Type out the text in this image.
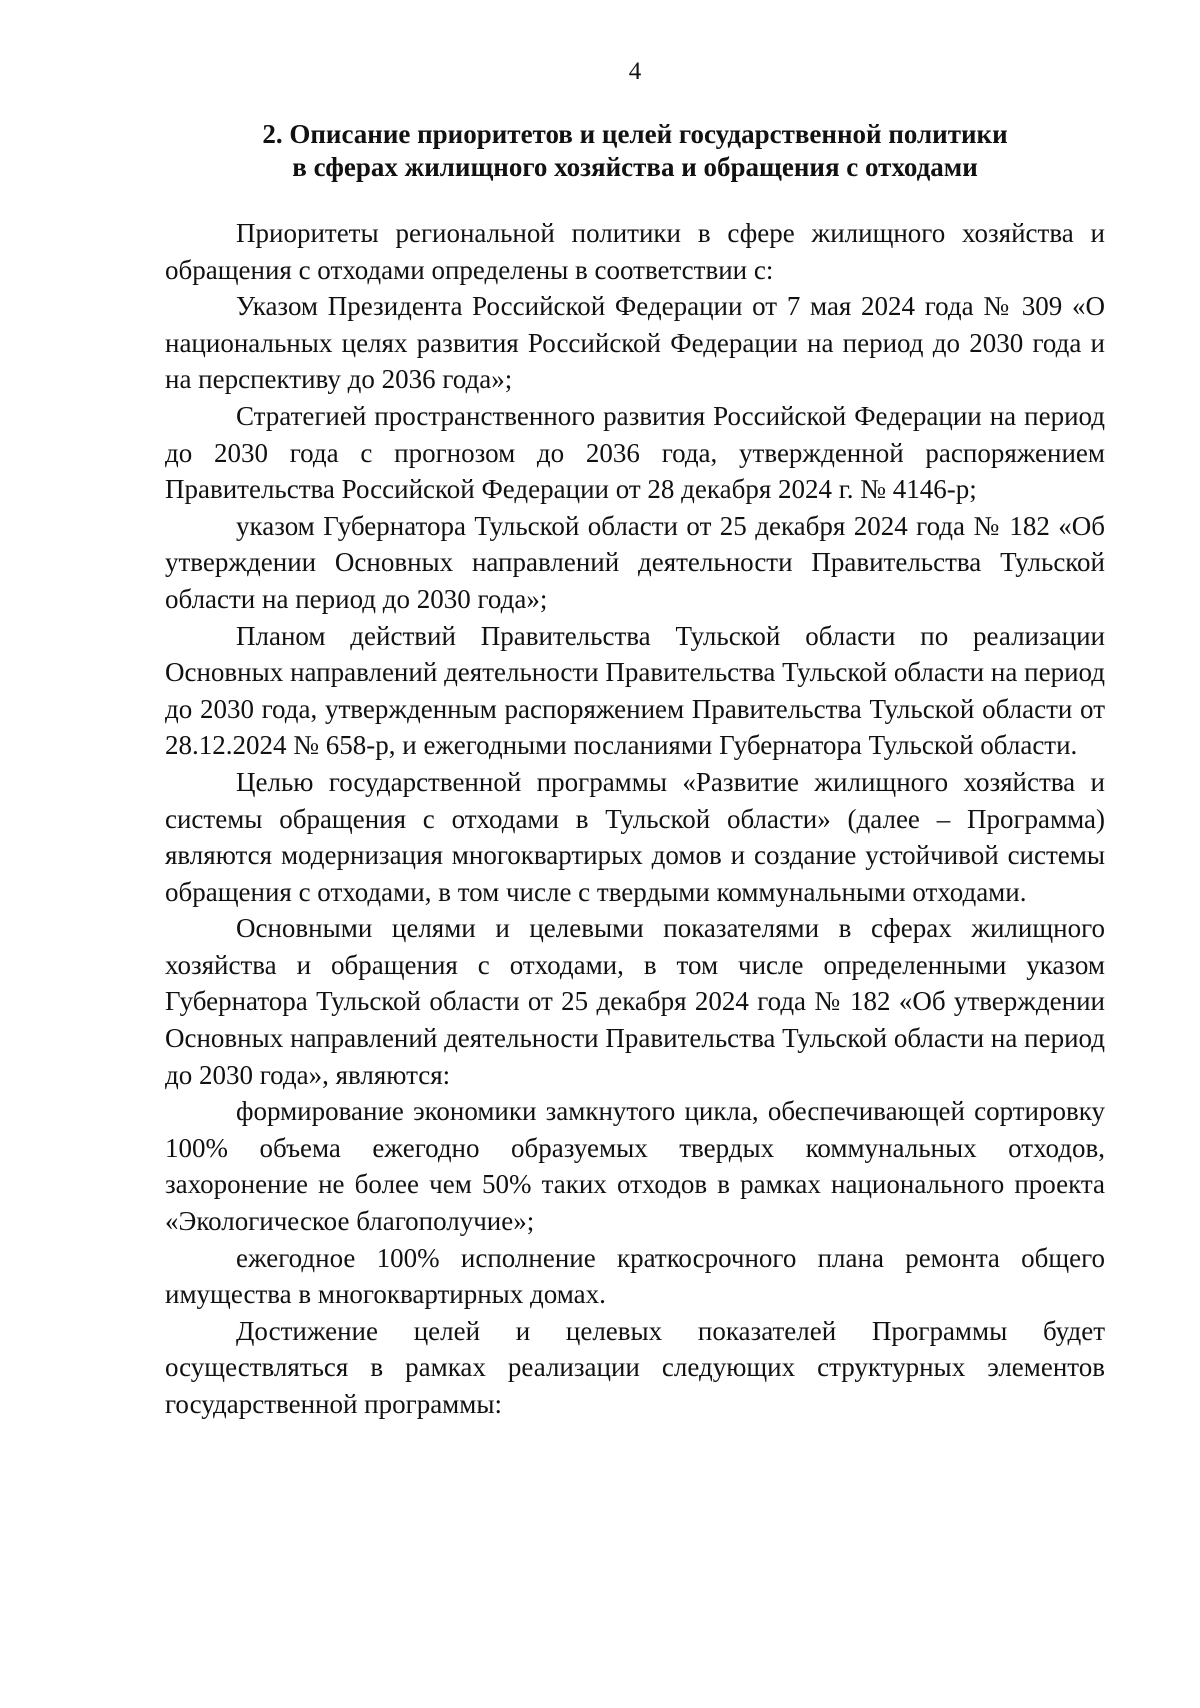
4
2. Описание приоритетов и целей государственной политики
в сферах жилищного хозяйства и обращения с отходами

Приоритеты региональной политики в сфере жилищного хозяйства и обращения с отходами определены в соответствии с:

Указом Президента Российской Федерации от 7 мая 2024 года № 309 «О национальных целях развития Российской Федерации на период до 2030 года и на перспективу до 2036 года»;

Стратегией пространственного развития Российской Федерации на период до 2030 года с прогнозом до 2036 года, утвержденной распоряжением Правительства Российской Федерации от 28 декабря 2024 г. № 4146-р;

указом Губернатора Тульской области от 25 декабря 2024 года № 182 «Об утверждении Основных направлений деятельности Правительства Тульской области на период до 2030 года»;

Планом действий Правительства Тульской области по реализации Основных направлений деятельности Правительства Тульской области на период до 2030 года, утвержденным распоряжением Правительства Тульской области от 28.12.2024 № 658-р, и ежегодными посланиями Губернатора Тульской области.

Целью государственной программы «Развитие жилищного хозяйства и системы обращения с отходами в Тульской области» (далее – Программа) являются модернизация многоквартирых домов и создание устойчивой системы обращения с отходами, в том числе с твердыми коммунальными отходами.

Основными целями и целевыми показателями в сферах жилищного хозяйства и обращения с отходами, в том числе определенными указом Губернатора Тульской области от 25 декабря 2024 года № 182 «Об утверждении Основных направлений деятельности Правительства Тульской области на период до 2030 года», являются:

формирование экономики замкнутого цикла, обеспечивающей сортировку 100% объема ежегодно образуемых твердых коммунальных отходов, захоронение не более чем 50% таких отходов в рамках национального проекта «Экологическое благополучие»;

ежегодное 100% исполнение краткосрочного плана ремонта общего имущества в многоквартирных домах.

Достижение целей и целевых показателей Программы будет осуществляться в рамках реализации следующих структурных элементов государственной программы:
